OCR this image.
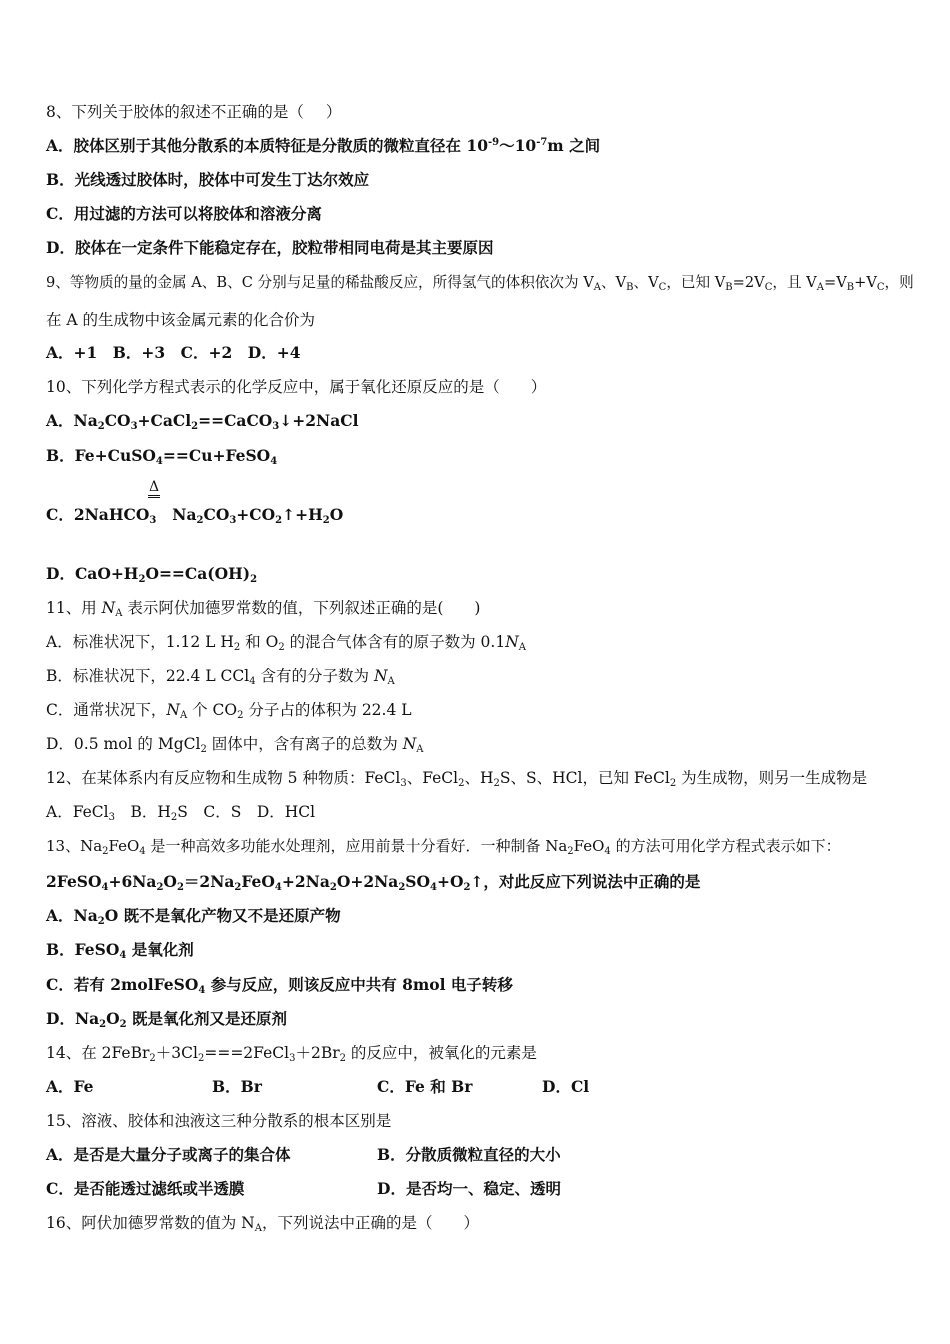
8、下列关于胶体的叙述不正确的是（ ）
A．胶体区别于其他分散系的本质特征是分散质的微粒直径在 $10^{-9}\sim 10^{-7}m$ 之间
B．光线透过胶体时，胶体中可发生丁达尔效应
C．用过滤的方法可以将胶体和溶液分离
D．胶体在一定条件下能稳定存在，胶粒带相同电荷是其主要原因
9、等物质的量的金属 A、B、C 分别与足量的稀盐酸反应，所得氢气的体积依次为 $V_A$、$V_B$、$V_C$，已知 $V_B=2V_C$，且 $V_A=V_B+V_C$，则
在 A 的生成物中该金属元素的化合价为
A．+1　B．+3　C．+2　D．+4
10、下列化学方程式表示的化学反应中，属于氧化还原反应的是（　　）
A．$Na_2CO_3+CaCl_2==CaCO_3↓+2NaCl$
B．Fe+CuSO$_4$==Cu+FeSO$_4$
Δ
C．2NaHCO$_3$ $Na_2CO_3+CO_2↑+H_2O$
D．$CaO+H_2O==Ca(OH)_2$
11、用 $N_A$ 表示阿伏加德罗常数的值，下列叙述正确的是(　　)
A．标准状况下，1.12 L $H_2$ 和 $O_2$ 的混合气体含有的原子数为 $0.1N_A$
B．标准状况下，22.4 L CCl$_4$ 含有的分子数为 $N_A$
C．通常状况下，$N_A$ 个 $CO_2$ 分子占的体积为 22.4 L
D．0.5 mol 的 MgCl$_2$ 固体中，含有离子的总数为 $N_A$
12、在某体系内有反应物和生成物 5 种物质：FeCl$_3$、FeCl$_2$、$H_2S$、S、HCl，已知 FeCl$_2$ 为生成物，则另一生成物是
A．FeCl$_3$　B．$H_2S$　C．S　D．HCl
13、$Na_2FeO_4$ 是一种高效多功能水处理剂，应用前景十分看好．一种制备 $Na_2FeO_4$ 的方法可用化学方程式表示如下：
$2FeSO_4+6Na_2O_2=2Na_2FeO_4+2Na_2O+2Na_2SO_4+O_2↑$，对此反应下列说法中正确的是
A．$Na_2O$ 既不是氧化产物又不是还原产物
B．FeSO$_4$ 是氧化剂
C．若有 2molFeSO$_4$ 参与反应，则该反应中共有 8mol 电子转移
D．$Na_2O_2$ 既是氧化剂又是还原剂
14、在 $2FeBr_2+3Cl_2===2FeCl_3+2Br_2$ 的反应中，被氧化的元素是
A．Fe	B．Br	C．Fe 和 Br	D．Cl
15、溶液、胶体和浊液这三种分散系的根本区别是
A．是否是大量分子或离子的集合体	B．分散质微粒直径的大小
C．是否能透过滤纸或半透膜	D．是否均一、稳定、透明
16、阿伏加德罗常数的值为 $N_A$，下列说法中正确的是（　　）
